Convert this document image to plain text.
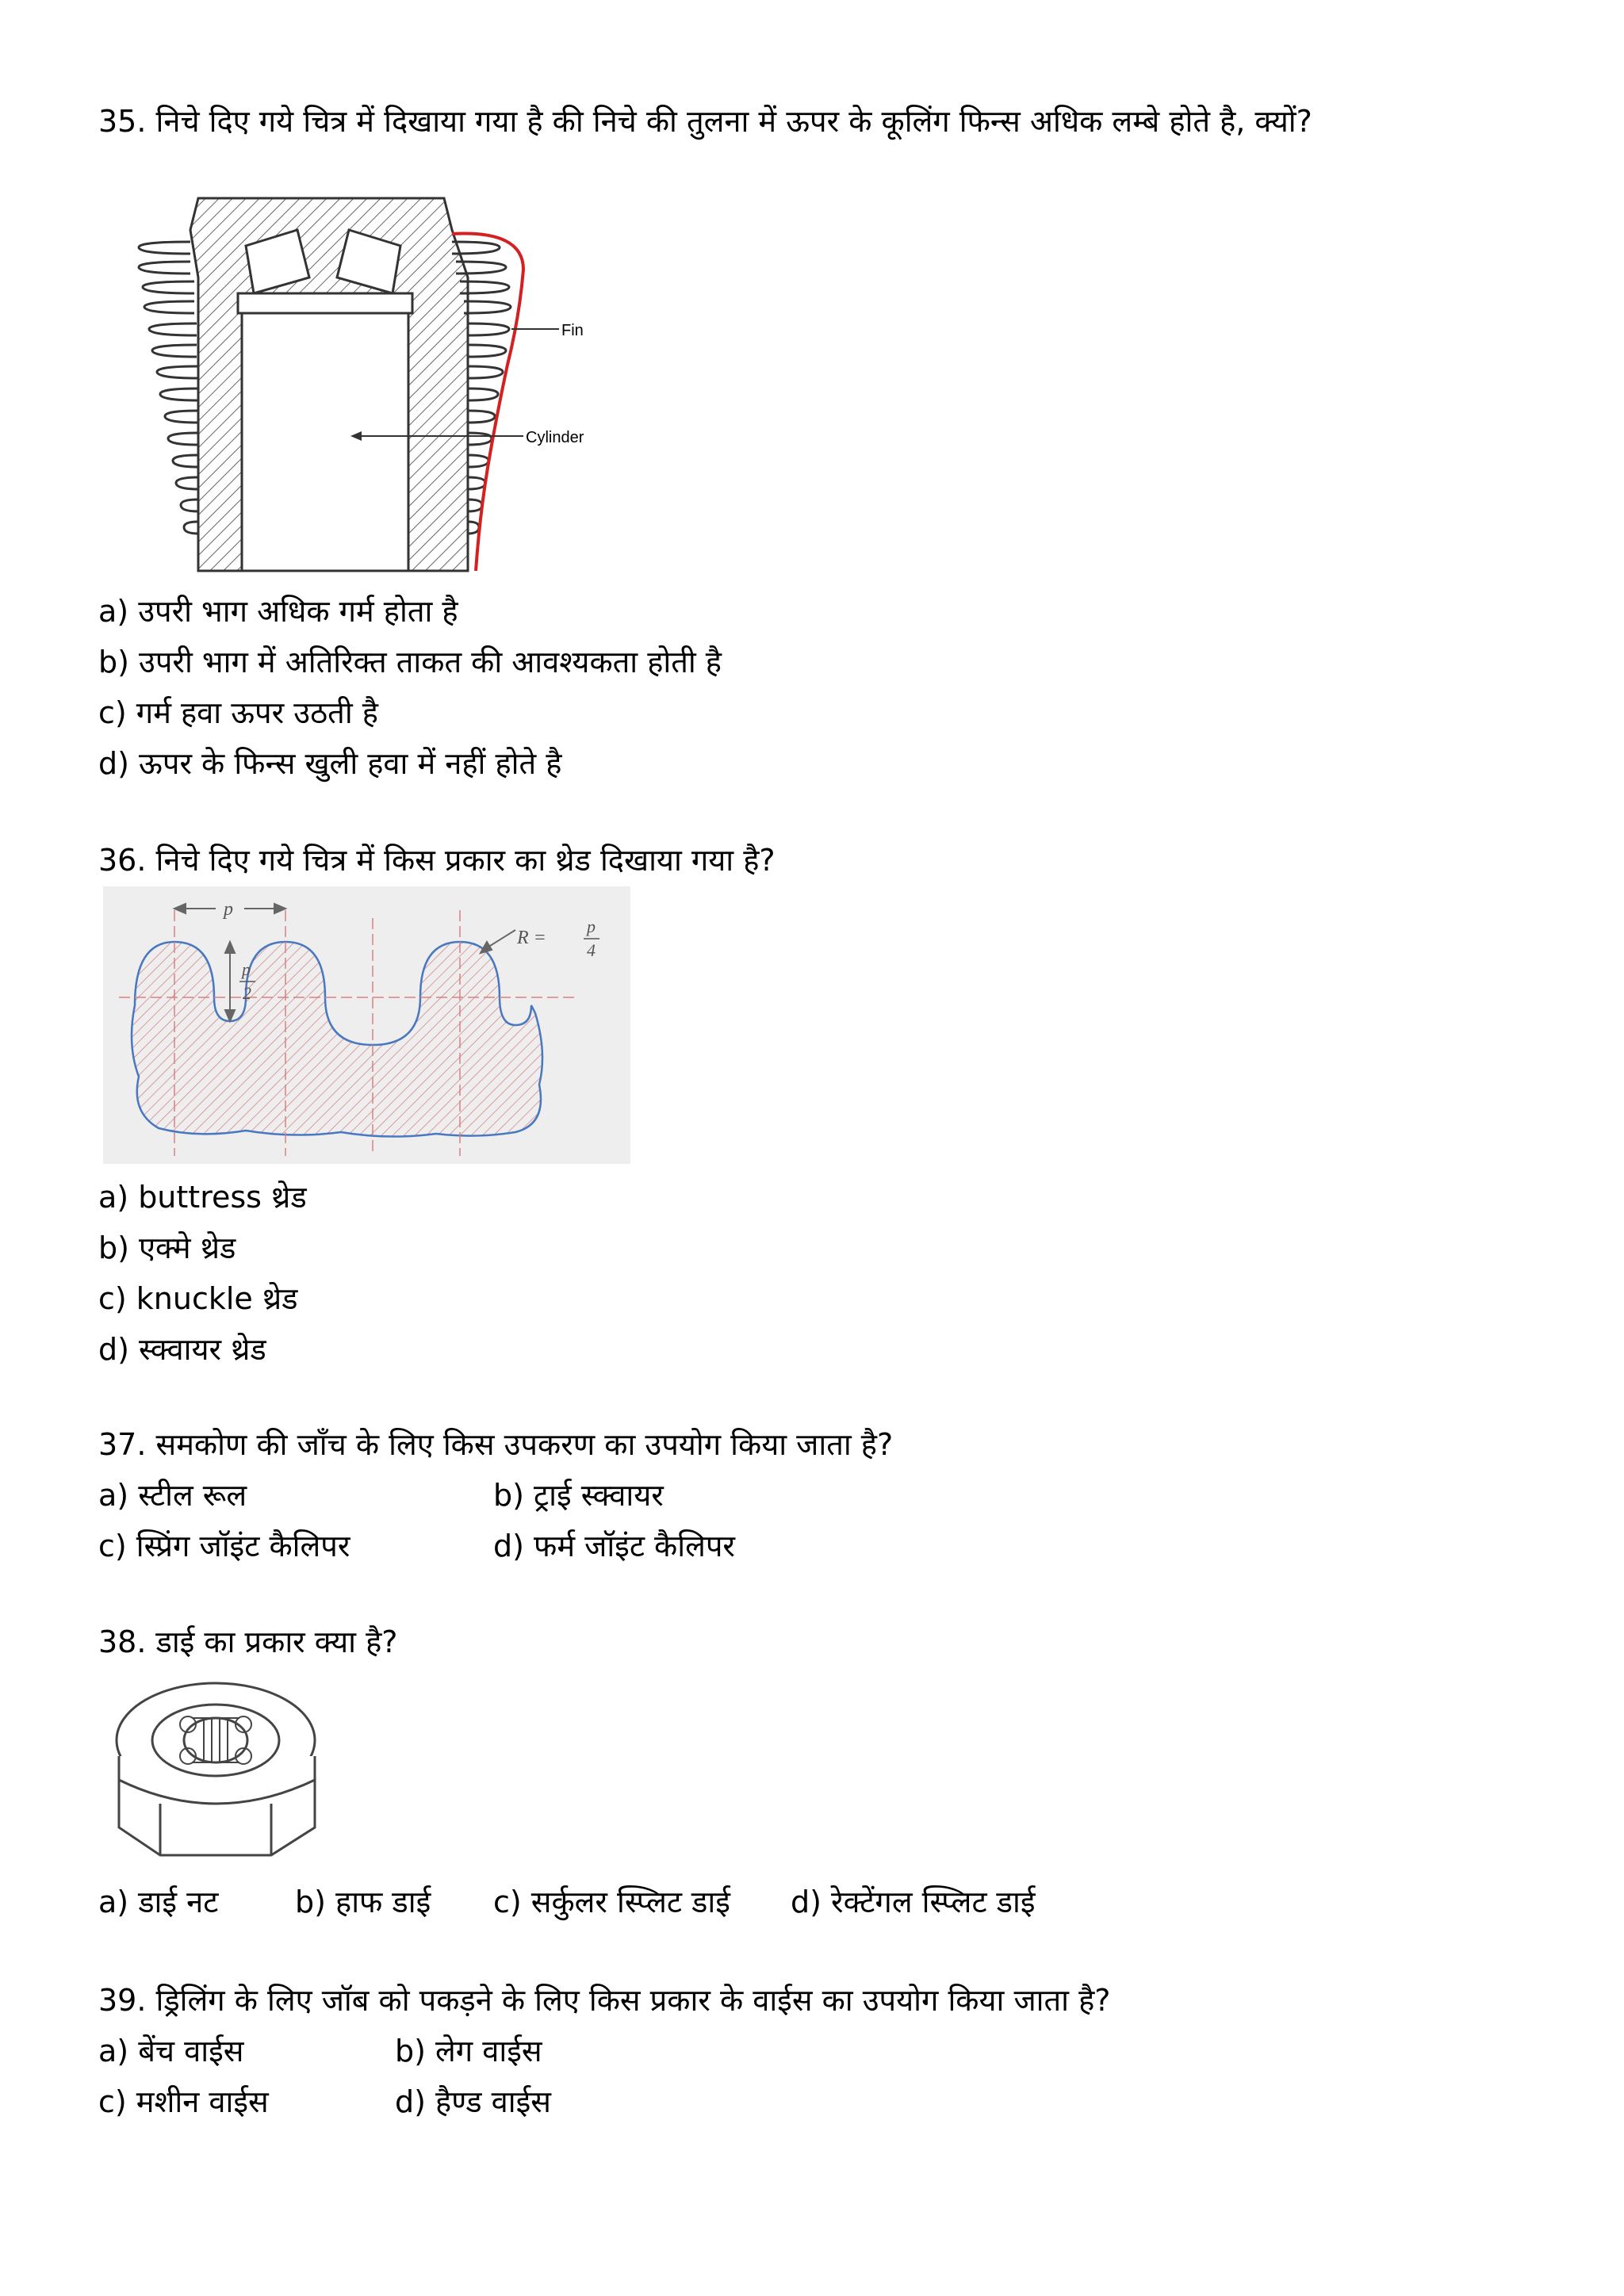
35. निचे दिए गये चित्र में दिखाया गया है की निचे की तुलना में ऊपर के कूलिंग फिन्स अधिक लम्बे होते है, क्यों?
Fin
Cylinder
a) उपरी भाग अधिक गर्म होता है
b) उपरी भाग में अतिरिक्त ताकत की आवश्यकता होती है
c) गर्म हवा ऊपर उठती है
d) ऊपर के फिन्स खुली हवा में नहीं होते है
36. निचे दिए गये चित्र में किस प्रकार का थ्रेड दिखाया गया है?
p
p
2
R =
p
4
a) buttress थ्रेड
b) एक्मे थ्रेड
c) knuckle थ्रेड
d) स्क्वायर थ्रेड
37. समकोण की जाँच के लिए किस उपकरण का उपयोग किया जाता है?
a) स्टील रूल	b) ट्राई स्क्वायर
c) स्प्रिंग जॉइंट कैलिपर	d) फर्म जॉइंट कैलिपर
38. डाई का प्रकार क्या है?
a) डाई नट	b) हाफ डाई c) सर्कुलर स्प्लिट डाई d) रेक्टेंगल स्प्लिट डाई
39. ड्रिलिंग के लिए जॉब को पकड़ने के लिए किस प्रकार के वाईस का उपयोग किया जाता है?
a) बेंच वाईस	b) लेग वाईस
c) मशीन वाईस	d) हैण्ड वाईस
